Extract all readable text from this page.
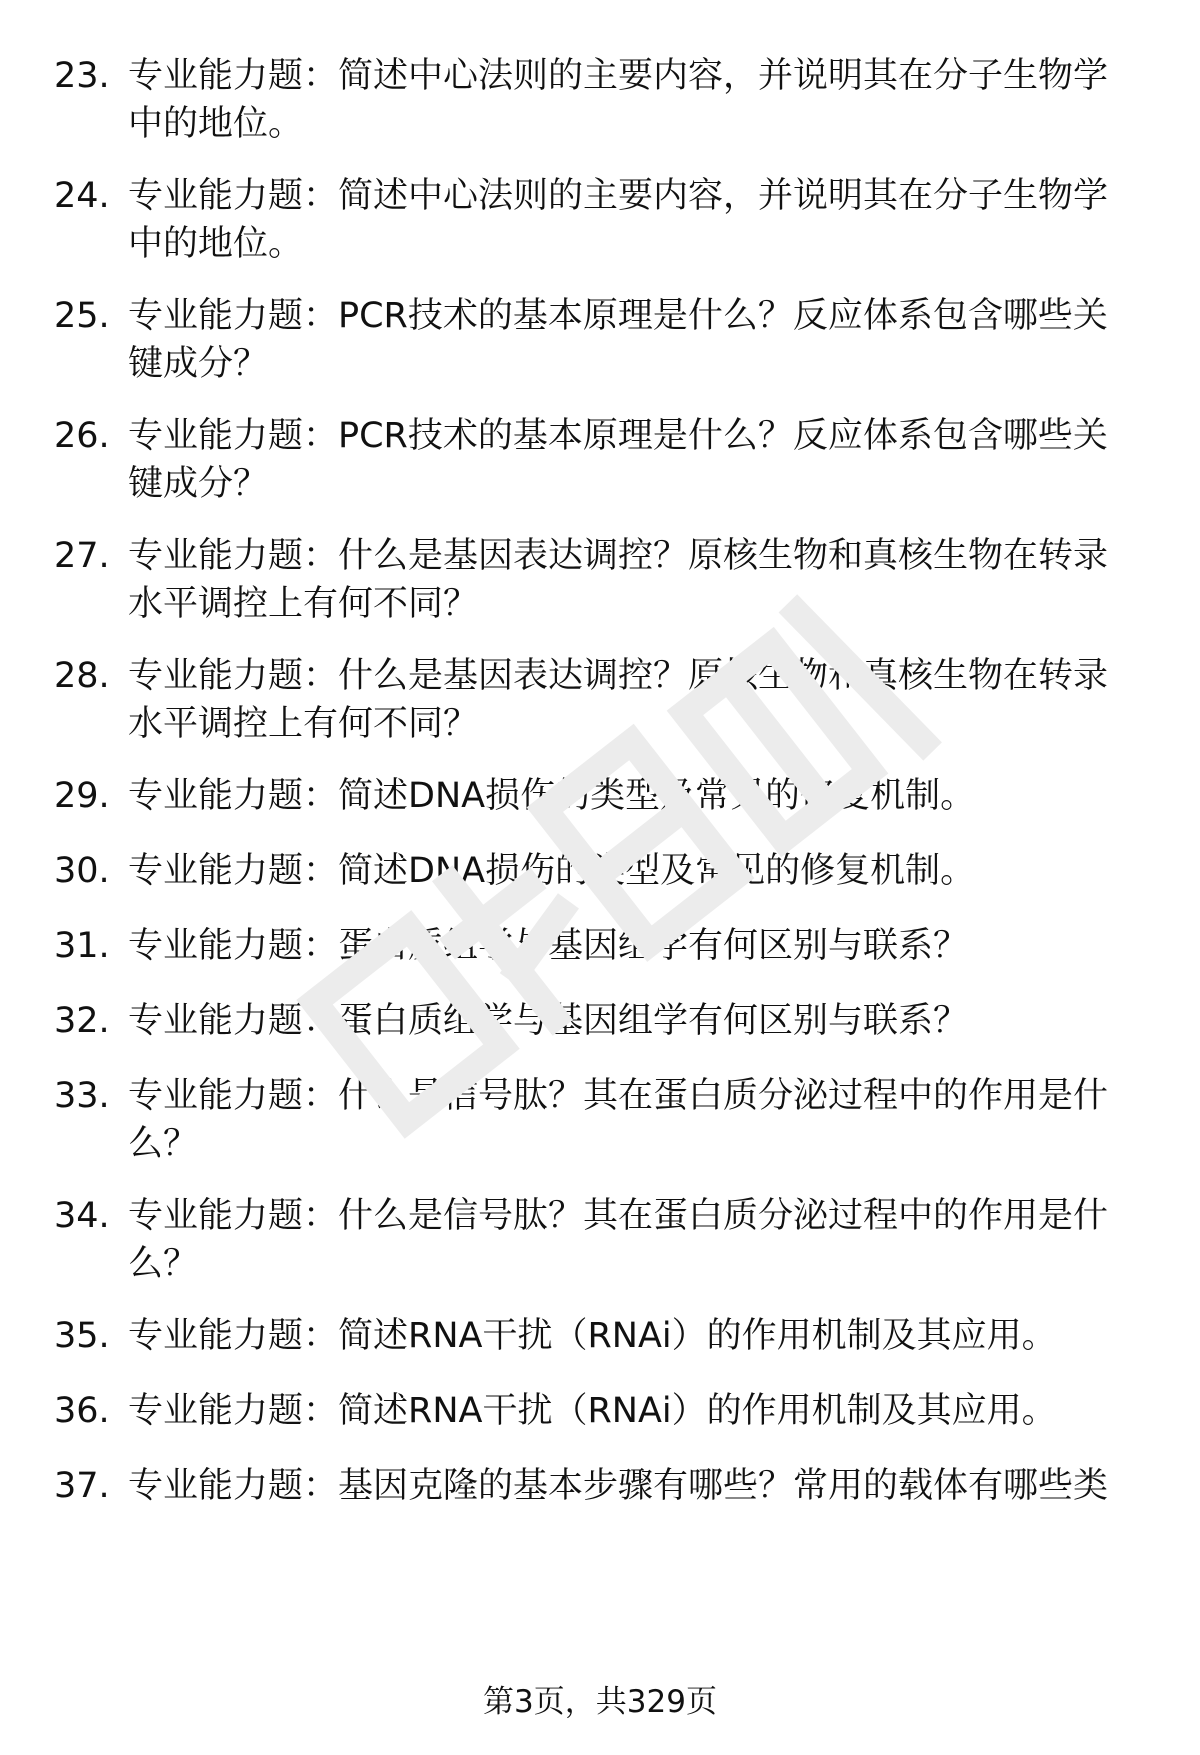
23. 专业能力题：简述中心法则的主要内容，并说明其在分子生物学
中的地位。
24. 专业能力题：简述中心法则的主要内容，并说明其在分子生物学
中的地位。
25. 专业能力题：PCR技术的基本原理是什么？反应体系包含哪些关
键成分？
26. 专业能力题：PCR技术的基本原理是什么？反应体系包含哪些关
键成分？
27. 专业能力题：什么是基因表达调控？原核生物和真核生物在转录
水平调控上有何不同？
28. 专业能力题：什么是基因表达调控？原核生物和真核生物在转录
水平调控上有何不同？
29. 专业能力题：简述DNA损伤的类型及常见的修复机制。
30. 专业能力题：简述DNA损伤的类型及常见的修复机制。
31. 专业能力题：蛋白质组学与基因组学有何区别与联系？
32. 专业能力题：蛋白质组学与基因组学有何区别与联系？
33. 专业能力题：什么是信号肽？其在蛋白质分泌过程中的作用是什
么？
34. 专业能力题：什么是信号肽？其在蛋白质分泌过程中的作用是什
么？
35. 专业能力题：简述RNA干扰（RNAi）的作用机制及其应用。
36. 专业能力题：简述RNA干扰（RNAi）的作用机制及其应用。
37. 专业能力题：基因克隆的基本步骤有哪些？常用的载体有哪些类
第3页，共329页
